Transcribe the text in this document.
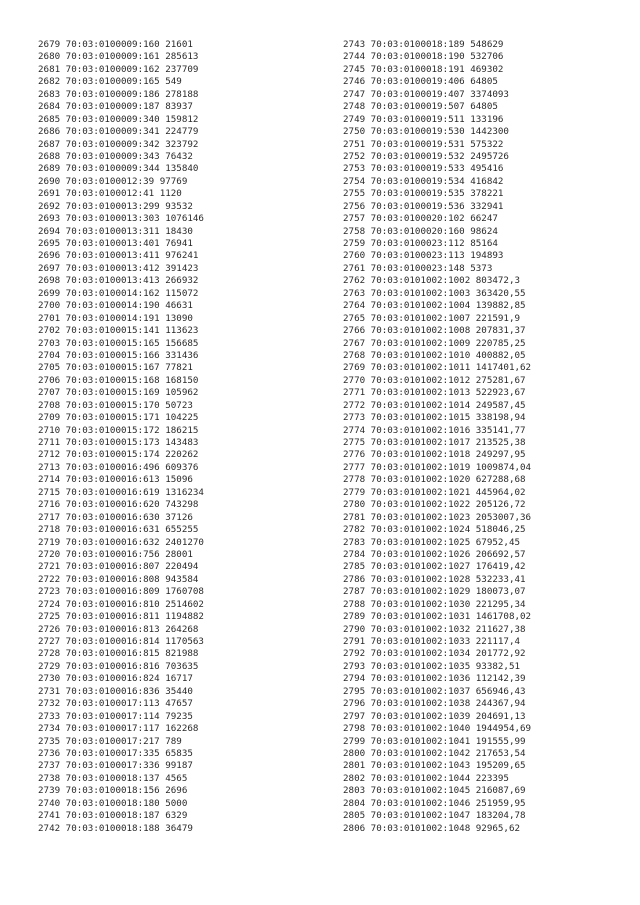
2679 70:03:0100009:160 21601
2680 70:03:0100009:161 285613
2681 70:03:0100009:162 237709
2682 70:03:0100009:165 549
2683 70:03:0100009:186 278188
2684 70:03:0100009:187 83937
2685 70:03:0100009:340 159812
2686 70:03:0100009:341 224779
2687 70:03:0100009:342 323792
2688 70:03:0100009:343 76432
2689 70:03:0100009:344 135840
2690 70:03:0100012:39 97769
2691 70:03:0100012:41 1120
2692 70:03:0100013:299 93532
2693 70:03:0100013:303 1076146
2694 70:03:0100013:311 18430
2695 70:03:0100013:401 76941
2696 70:03:0100013:411 976241
2697 70:03:0100013:412 391423
2698 70:03:0100013:413 266932
2699 70:03:0100014:162 115072
2700 70:03:0100014:190 46631
2701 70:03:0100014:191 13090
2702 70:03:0100015:141 113623
2703 70:03:0100015:165 156685
2704 70:03:0100015:166 331436
2705 70:03:0100015:167 77821
2706 70:03:0100015:168 168150
2707 70:03:0100015:169 105962
2708 70:03:0100015:170 50723
2709 70:03:0100015:171 104225
2710 70:03:0100015:172 186215
2711 70:03:0100015:173 143483
2712 70:03:0100015:174 220262
2713 70:03:0100016:496 609376
2714 70:03:0100016:613 15096
2715 70:03:0100016:619 1316234
2716 70:03:0100016:620 743298
2717 70:03:0100016:630 37126
2718 70:03:0100016:631 655255
2719 70:03:0100016:632 2401270
2720 70:03:0100016:756 28001
2721 70:03:0100016:807 220494
2722 70:03:0100016:808 943584
2723 70:03:0100016:809 1760708
2724 70:03:0100016:810 2514602
2725 70:03:0100016:811 1194882
2726 70:03:0100016:813 264268
2727 70:03:0100016:814 1170563
2728 70:03:0100016:815 821988
2729 70:03:0100016:816 703635
2730 70:03:0100016:824 16717
2731 70:03:0100016:836 35440
2732 70:03:0100017:113 47657
2733 70:03:0100017:114 79235
2734 70:03:0100017:117 162268
2735 70:03:0100017:217 789
2736 70:03:0100017:335 65835
2737 70:03:0100017:336 99187
2738 70:03:0100018:137 4565
2739 70:03:0100018:156 2696
2740 70:03:0100018:180 5000
2741 70:03:0100018:187 6329
2742 70:03:0100018:188 36479
2743 70:03:0100018:189 548629
2744 70:03:0100018:190 532706
2745 70:03:0100018:191 469302
2746 70:03:0100019:406 64805
2747 70:03:0100019:407 3374093
2748 70:03:0100019:507 64805
2749 70:03:0100019:511 133196
2750 70:03:0100019:530 1442300
2751 70:03:0100019:531 575322
2752 70:03:0100019:532 2495726
2753 70:03:0100019:533 495416
2754 70:03:0100019:534 416842
2755 70:03:0100019:535 378221
2756 70:03:0100019:536 332941
2757 70:03:0100020:102 66247
2758 70:03:0100020:160 98624
2759 70:03:0100023:112 85164
2760 70:03:0100023:113 194893
2761 70:03:0100023:148 5373
2762 70:03:0101002:1002 803472,3
2763 70:03:0101002:1003 363420,55
2764 70:03:0101002:1004 139882,85
2765 70:03:0101002:1007 221591,9
2766 70:03:0101002:1008 207831,37
2767 70:03:0101002:1009 220785,25
2768 70:03:0101002:1010 400882,05
2769 70:03:0101002:1011 1417401,62
2770 70:03:0101002:1012 275281,67
2771 70:03:0101002:1013 522923,67
2772 70:03:0101002:1014 249587,45
2773 70:03:0101002:1015 338198,94
2774 70:03:0101002:1016 335141,77
2775 70:03:0101002:1017 213525,38
2776 70:03:0101002:1018 249297,95
2777 70:03:0101002:1019 1009874,04
2778 70:03:0101002:1020 627288,68
2779 70:03:0101002:1021 445964,02
2780 70:03:0101002:1022 205126,72
2781 70:03:0101002:1023 2053007,36
2782 70:03:0101002:1024 518046,25
2783 70:03:0101002:1025 67952,45
2784 70:03:0101002:1026 206692,57
2785 70:03:0101002:1027 176419,42
2786 70:03:0101002:1028 532233,41
2787 70:03:0101002:1029 180073,07
2788 70:03:0101002:1030 221295,34
2789 70:03:0101002:1031 1461708,02
2790 70:03:0101002:1032 211627,38
2791 70:03:0101002:1033 221117,4
2792 70:03:0101002:1034 201772,92
2793 70:03:0101002:1035 93382,51
2794 70:03:0101002:1036 112142,39
2795 70:03:0101002:1037 656946,43
2796 70:03:0101002:1038 244367,94
2797 70:03:0101002:1039 204691,13
2798 70:03:0101002:1040 1944954,69
2799 70:03:0101002:1041 191555,99
2800 70:03:0101002:1042 217653,54
2801 70:03:0101002:1043 195209,65
2802 70:03:0101002:1044 223395
2803 70:03:0101002:1045 216087,69
2804 70:03:0101002:1046 251959,95
2805 70:03:0101002:1047 183204,78
2806 70:03:0101002:1048 92965,62
